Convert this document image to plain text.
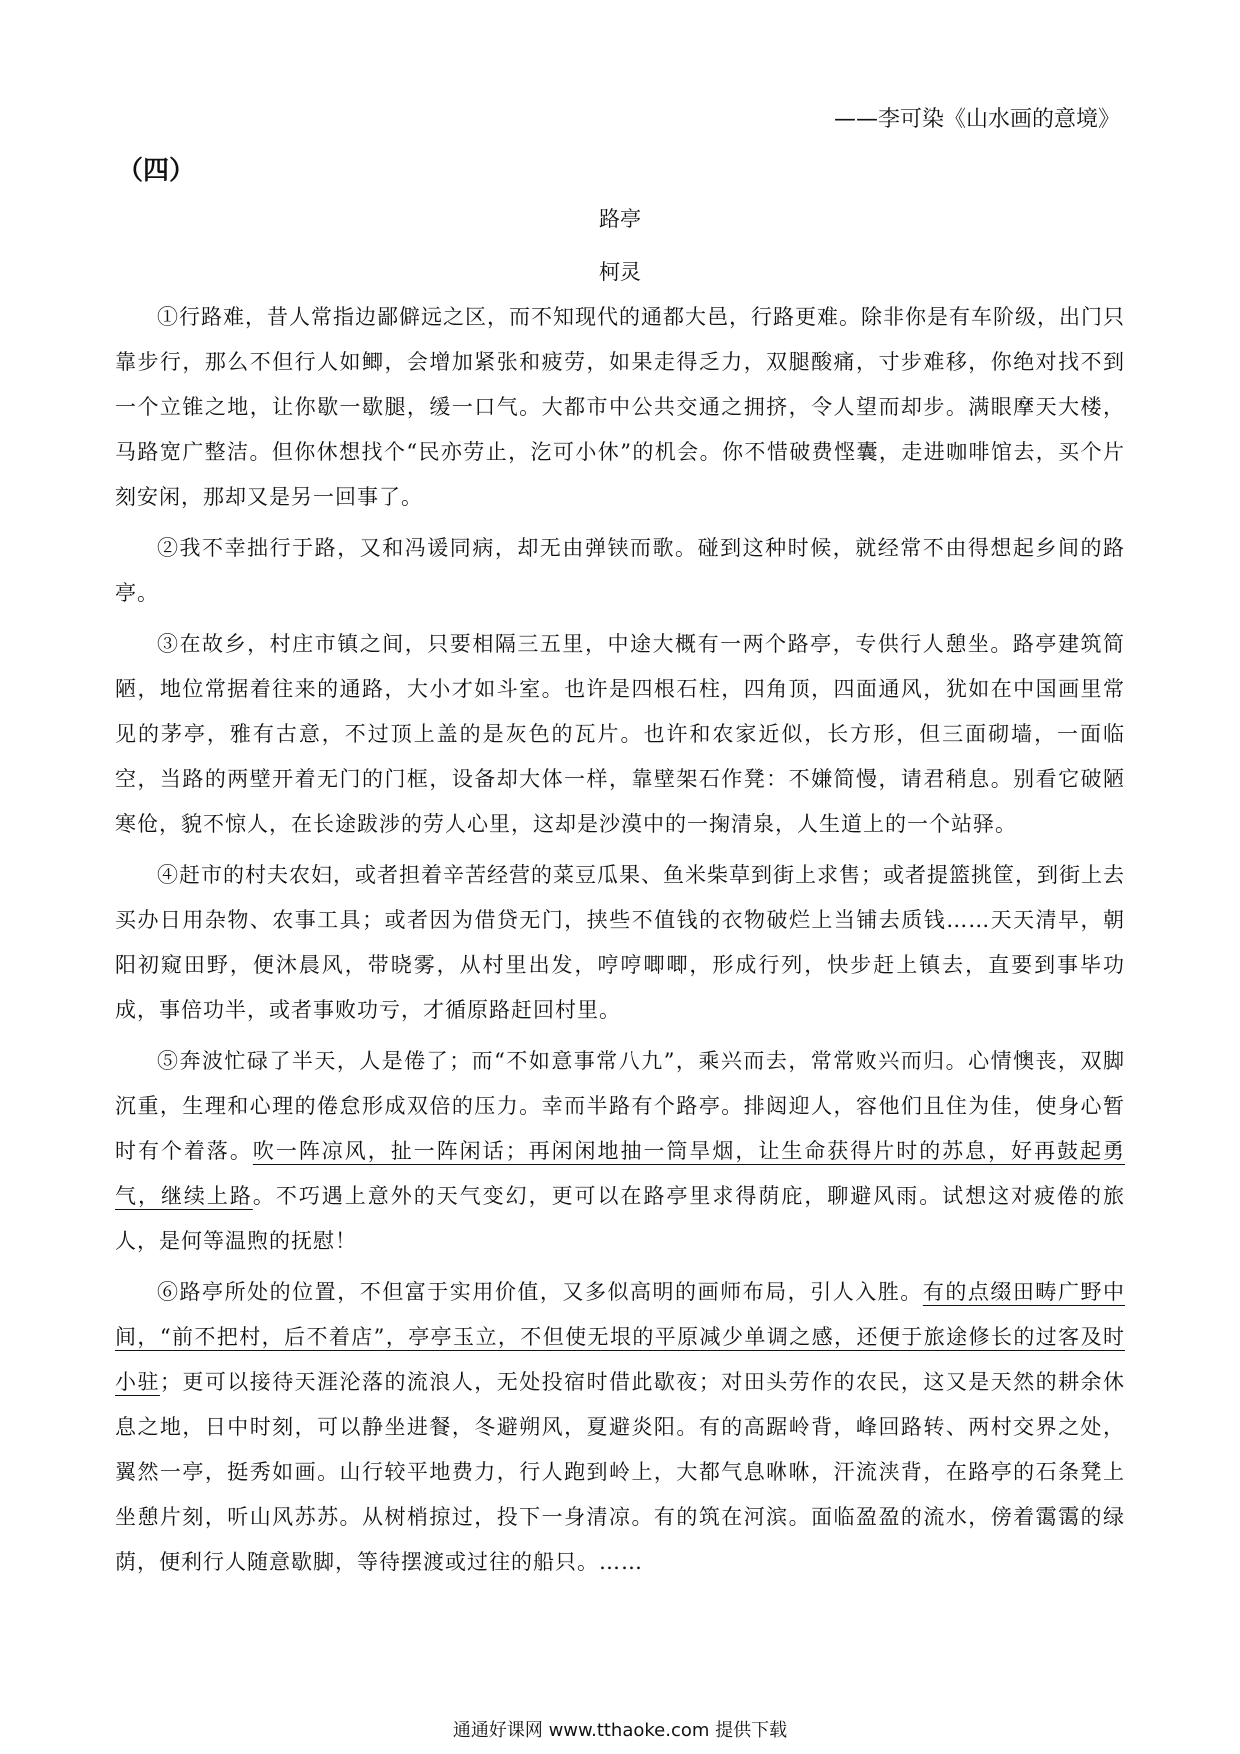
——李可染《山水画的意境》
（四）
路亭
柯灵

①行路难，昔人常指边鄙僻远之区，而不知现代的通都大邑，行路更难。除非你是有车阶级，出门只靠步行，那么不但行人如鲫，会增加紧张和疲劳，如果走得乏力，双腿酸痛，寸步难移，你绝对找不到一个立锥之地，让你歇一歇腿，缓一口气。大都市中公共交通之拥挤，令人望而却步。满眼摩天大楼，马路宽广整洁。但你休想找个“民亦劳止，汔可小休”的机会。你不惜破费悭囊，走进咖啡馆去，买个片刻安闲，那却又是另一回事了。

②我不幸拙行于路，又和冯谖同病，却无由弹铗而歌。碰到这种时候，就经常不由得想起乡间的路亭。

③在故乡，村庄市镇之间，只要相隔三五里，中途大概有一两个路亭，专供行人憩坐。路亭建筑简陋，地位常据着往来的通路，大小才如斗室。也许是四根石柱，四角顶，四面通风，犹如在中国画里常见的茅亭，雅有古意，不过顶上盖的是灰色的瓦片。也许和农家近似，长方形，但三面砌墙，一面临空，当路的两壁开着无门的门框，设备却大体一样，靠壁架石作凳：不嫌简慢，请君稍息。别看它破陋寒伧，貌不惊人，在长途跋涉的劳人心里，这却是沙漠中的一掬清泉，人生道上的一个站驿。

④赶市的村夫农妇，或者担着辛苦经营的菜豆瓜果、鱼米柴草到街上求售；或者提篮挑筐，到街上去买办日用杂物、农事工具；或者因为借贷无门，挟些不值钱的衣物破烂上当铺去质钱……天天清早，朝阳初窥田野，便沐晨风，带晓雾，从村里出发，哼哼唧唧，形成行列，快步赶上镇去，直要到事毕功成，事倍功半，或者事败功亏，才循原路赶回村里。

⑤奔波忙碌了半天，人是倦了；而“不如意事常八九”，乘兴而去，常常败兴而归。心情懊丧，双脚沉重，生理和心理的倦怠形成双倍的压力。幸而半路有个路亭。排闼迎人，容他们且住为佳，使身心暂时有个着落。吹一阵凉风，扯一阵闲话；再闲闲地抽一筒旱烟，让生命获得片时的苏息，好再鼓起勇气，继续上路。不巧遇上意外的天气变幻，更可以在路亭里求得荫庇，聊避风雨。试想这对疲倦的旅人，是何等温煦的抚慰！

⑥路亭所处的位置，不但富于实用价值，又多似高明的画师布局，引人入胜。有的点缀田畴广野中间，“前不把村，后不着店”，亭亭玉立，不但使无垠的平原减少单调之感，还便于旅途修长的过客及时小驻；更可以接待天涯沦落的流浪人，无处投宿时借此歇夜；对田头劳作的农民，这又是天然的耕余休息之地，日中时刻，可以静坐进餐，冬避朔风，夏避炎阳。有的高踞岭背，峰回路转、两村交界之处，翼然一亭，挺秀如画。山行较平地费力，行人跑到岭上，大都气息咻咻，汗流浃背，在路亭的石条凳上坐憩片刻，听山风苏苏。从树梢掠过，投下一身清凉。有的筑在河滨。面临盈盈的流水，傍着霭霭的绿荫，便利行人随意歇脚，等待摆渡或过往的船只。……

通通好课网 www.tthaoke.com 提供下载
